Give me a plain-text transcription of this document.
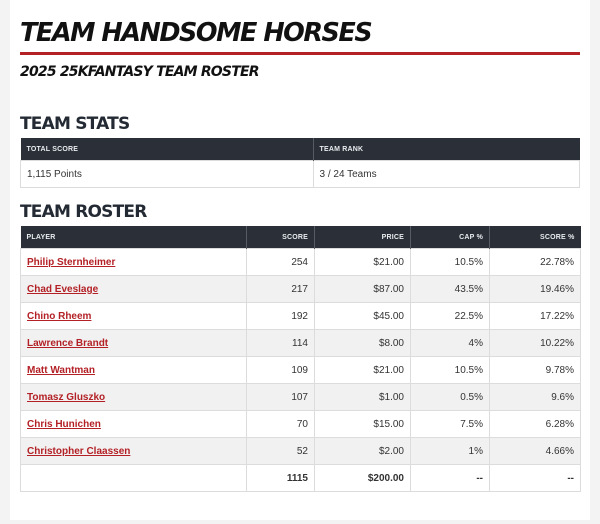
TEAM HANDSOME HORSES
2025 25KFANTASY TEAM ROSTER
TEAM STATS
TOTAL SCORE	TEAM RANK
1,115 Points	3 / 24 Teams
TEAM ROSTER
PLAYER	SCORE	PRICE	CAP %	SCORE %
Philip Sternheimer	254	$21.00	10.5%	22.78%
Chad Eveslage	217	$87.00	43.5%	19.46%
Chino Rheem	192	$45.00	22.5%	17.22%
Lawrence Brandt	114	$8.00	4%	10.22%
Matt Wantman	109	$21.00	10.5%	9.78%
Tomasz Gluszko	107	$1.00	0.5%	9.6%
Chris Hunichen	70	$15.00	7.5%	6.28%
Christopher Claassen	52	$2.00	1%	4.66%
	1115	$200.00	--	--
